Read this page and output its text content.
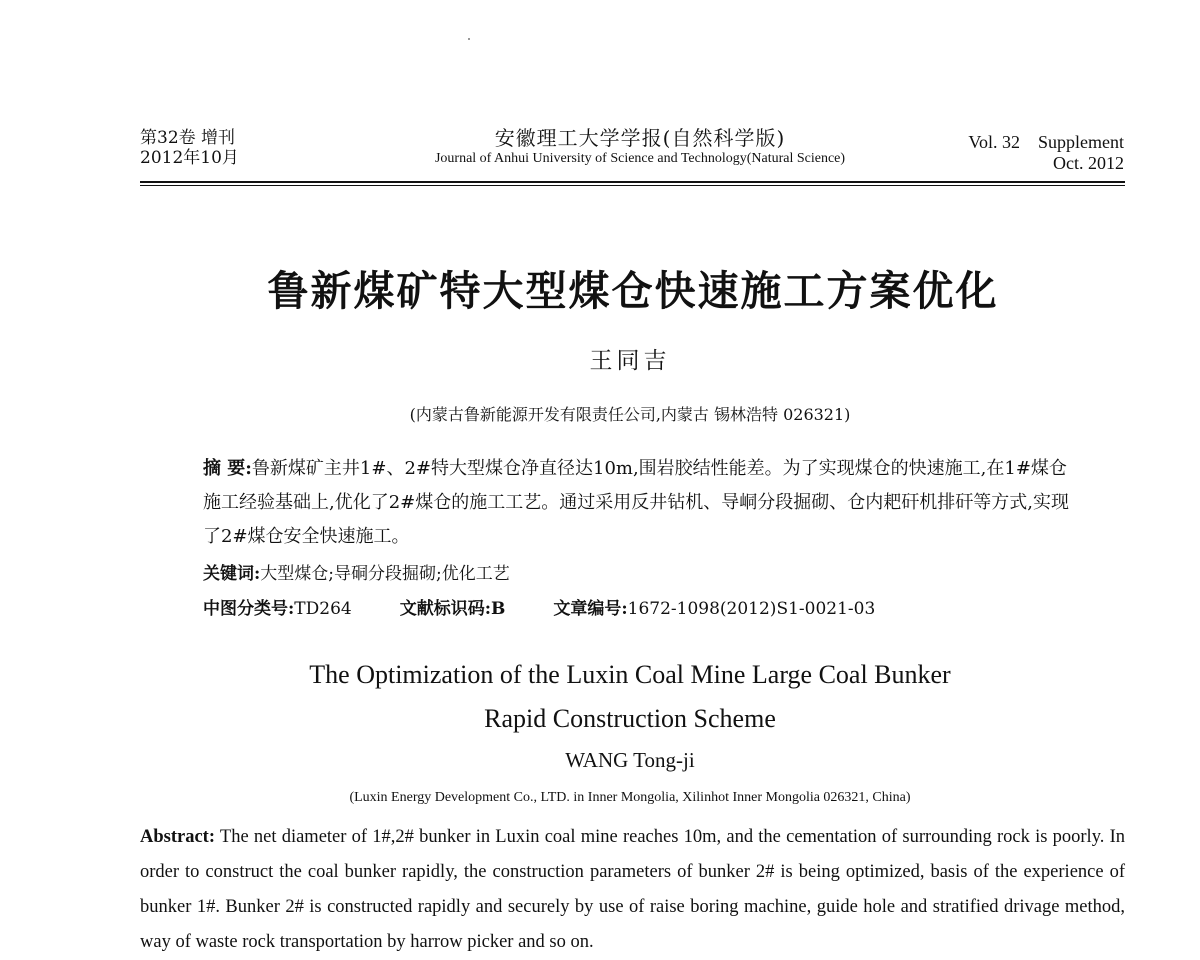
第32卷 增刊
2012年10月
安徽理工大学学报(自然科学版)
Journal of Anhui University of Science and Technology(Natural Science)
Vol. 32 Supplement
Oct. 2012
鲁新煤矿特大型煤仓快速施工方案优化
王同吉
(内蒙古鲁新能源开发有限责任公司,内蒙古 锡林浩特 026321)
摘 要:鲁新煤矿主井1#、2#特大型煤仓净直径达10m,围岩胶结性能差。为了实现煤仓的快速施工,在1#煤仓施工经验基础上,优化了2#煤仓的施工工艺。通过采用反井钻机、导峒分段掘砌、仓内耙矸机排矸等方式,实现了2#煤仓安全快速施工。
关键词:大型煤仓;导硐分段掘砌;优化工艺
中图分类号:TD264	文献标识码:B	文章编号:1672-1098(2012)S1-0021-03
The Optimization of the Luxin Coal Mine Large Coal Bunker
Rapid Construction Scheme
WANG Tong-ji
(Luxin Energy Development Co., LTD. in Inner Mongolia, Xilinhot Inner Mongolia 026321, China)
Abstract: The net diameter of 1#,2# bunker in Luxin coal mine reaches 10m, and the cementation of surrounding rock is poorly. In order to construct the coal bunker rapidly, the construction parameters of bunker 2# is being optimized, basis of the experience of bunker 1#. Bunker 2# is constructed rapidly and securely by use of raise boring machine, guide hole and stratified drivage method, way of waste rock transportation by harrow picker and so on.
